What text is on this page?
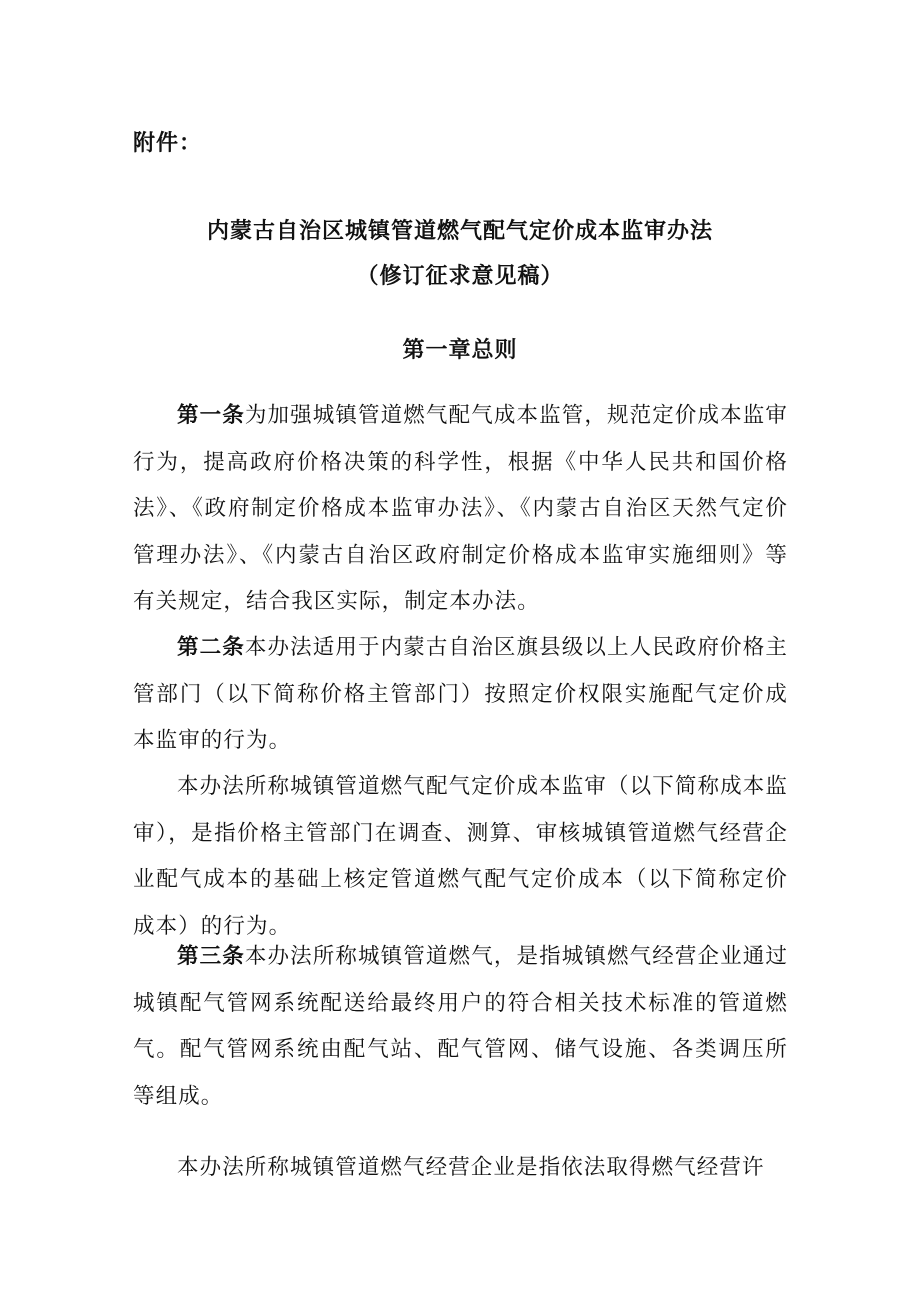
附件：
内蒙古自治区城镇管道燃气配气定价成本监审办法
（修订征求意见稿）
第一章总则
第一条为加强城镇管道燃气配气成本监管，规范定价成本监审行为，提高政府价格决策的科学性，根据《中华人民共和国价格法》、《政府制定价格成本监审办法》、《内蒙古自治区天然气定价管理办法》、《内蒙古自治区政府制定价格成本监审实施细则》等有关规定，结合我区实际，制定本办法。
第二条本办法适用于内蒙古自治区旗县级以上人民政府价格主管部门（以下简称价格主管部门）按照定价权限实施配气定价成本监审的行为。
本办法所称城镇管道燃气配气定价成本监审（以下简称成本监审），是指价格主管部门在调查、测算、审核城镇管道燃气经营企业配气成本的基础上核定管道燃气配气定价成本（以下简称定价成本）的行为。
第三条本办法所称城镇管道燃气，是指城镇燃气经营企业通过城镇配气管网系统配送给最终用户的符合相关技术标准的管道燃气。配气管网系统由配气站、配气管网、储气设施、各类调压所等组成。
本办法所称城镇管道燃气经营企业是指依法取得燃气经营许
